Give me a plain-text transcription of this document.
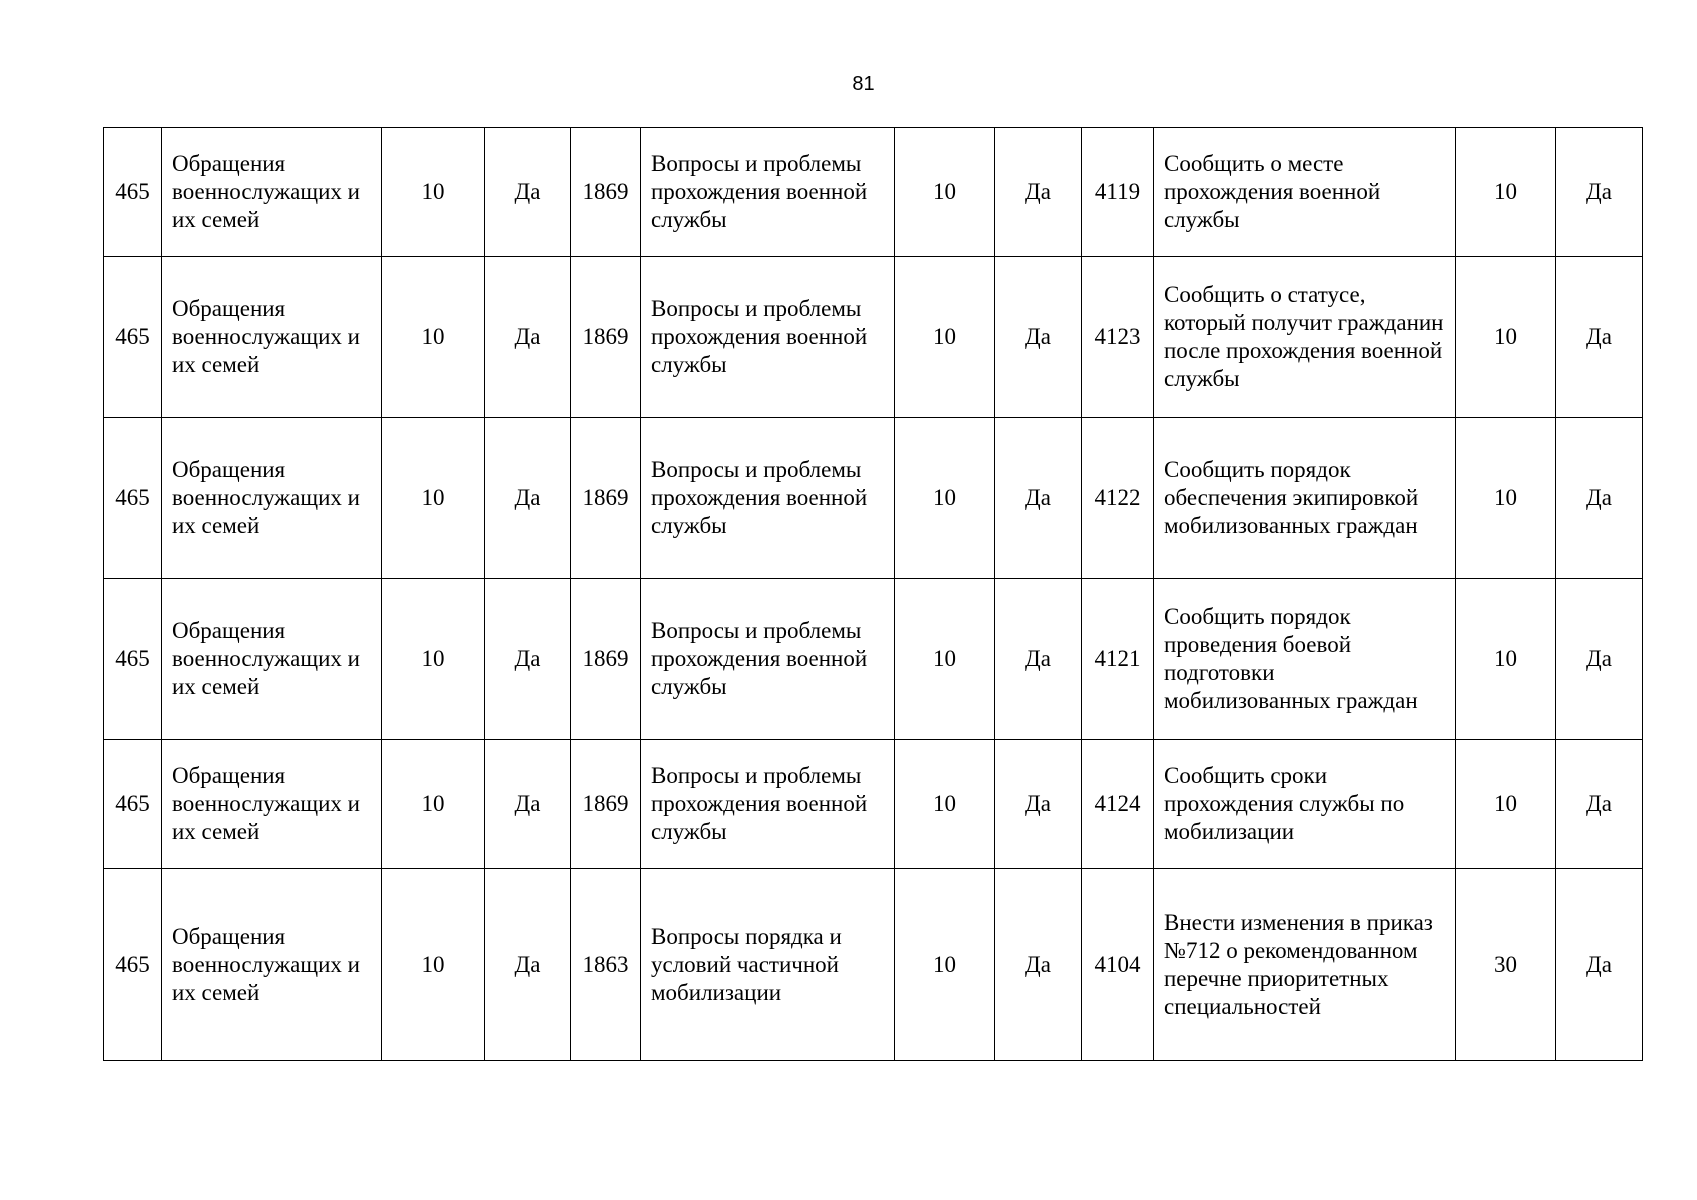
81
465	Обращения военнослужащих и их семей	10	Да	1869	Вопросы и проблемы прохождения военной службы	10	Да	4119	Сообщить о месте прохождения военной службы	10	Да
465	Обращения военнослужащих и их семей	10	Да	1869	Вопросы и проблемы прохождения военной службы	10	Да	4123	Сообщить о статусе, который получит гражданин после прохождения военной службы	10	Да
465	Обращения военнослужащих и их семей	10	Да	1869	Вопросы и проблемы прохождения военной службы	10	Да	4122	Сообщить порядок обеспечения экипировкой мобилизованных граждан	10	Да
465	Обращения военнослужащих и их семей	10	Да	1869	Вопросы и проблемы прохождения военной службы	10	Да	4121	Сообщить порядок проведения боевой подготовки мобилизованных граждан	10	Да
465	Обращения военнослужащих и их семей	10	Да	1869	Вопросы и проблемы прохождения военной службы	10	Да	4124	Сообщить сроки прохождения службы по мобилизации	10	Да
465	Обращения военнослужащих и их семей	10	Да	1863	Вопросы порядка и условий частичной мобилизации	10	Да	4104	Внести изменения в приказ №712 о рекомендованном перечне приоритетных специальностей	30	Да
